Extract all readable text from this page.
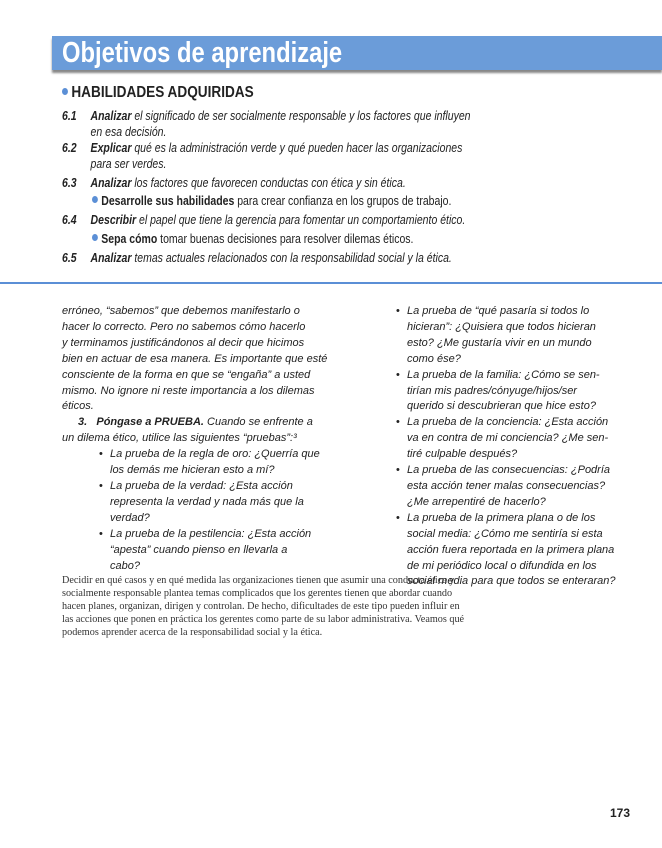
Objetivos de aprendizaje
HABILIDADES ADQUIRIDAS
6.1 Analizar el significado de ser socialmente responsable y los factores que influyen
en esa decisión.
6.2 Explicar qué es la administración verde y qué pueden hacer las organizaciones
para ser verdes.
6.3 Analizar los factores que favorecen conductas con ética y sin ética.
Desarrolle sus habilidades para crear confianza en los grupos de trabajo.
6.4 Describir el papel que tiene la gerencia para fomentar un comportamiento ético.
Sepa cómo tomar buenas decisiones para resolver dilemas éticos.
6.5 Analizar temas actuales relacionados con la responsabilidad social y la ética.
erróneo, “sabemos” que debemos manifestarlo o
hacer lo correcto. Pero no sabemos cómo hacerlo
y terminamos justificándonos al decir que hicimos
bien en actuar de esa manera. Es importante que esté
consciente de la forma en que se “engaña” a usted
mismo. No ignore ni reste importancia a los dilemas
éticos.
3. Póngase a PRUEBA. Cuando se enfrente a
un dilema ético, utilice las siguientes “pruebas”:³
• La prueba de la regla de oro: ¿Querría que
los demás me hicieran esto a mí?
• La prueba de la verdad: ¿Esta acción
representa la verdad y nada más que la
verdad?
• La prueba de la pestilencia: ¿Esta acción
“apesta” cuando pienso en llevarla a
cabo?
• La prueba de “qué pasaría si todos lo
hicieran”: ¿Quisiera que todos hicieran
esto? ¿Me gustaría vivir en un mundo
como ése?
• La prueba de la familia: ¿Cómo se sen-
tirían mis padres/cónyuge/hijos/ser
querido si descubrieran que hice esto?
• La prueba de la conciencia: ¿Esta acción
va en contra de mi conciencia? ¿Me sen-
tiré culpable después?
• La prueba de las consecuencias: ¿Podría
esta acción tener malas consecuencias?
¿Me arrepentiré de hacerlo?
• La prueba de la primera plana o de los
social media: ¿Cómo me sentiría si esta
acción fuera reportada en la primera plana
de mi periódico local o difundida en los
social media para que todos se enteraran?
Decidir en qué casos y en qué medida las organizaciones tienen que asumir una conducta ética y
socialmente responsable plantea temas complicados que los gerentes tienen que abordar cuando
hacen planes, organizan, dirigen y controlan. De hecho, dificultades de este tipo pueden influir en
las acciones que ponen en práctica los gerentes como parte de su labor administrativa. Veamos qué
podemos aprender acerca de la responsabilidad social y la ética.
173
